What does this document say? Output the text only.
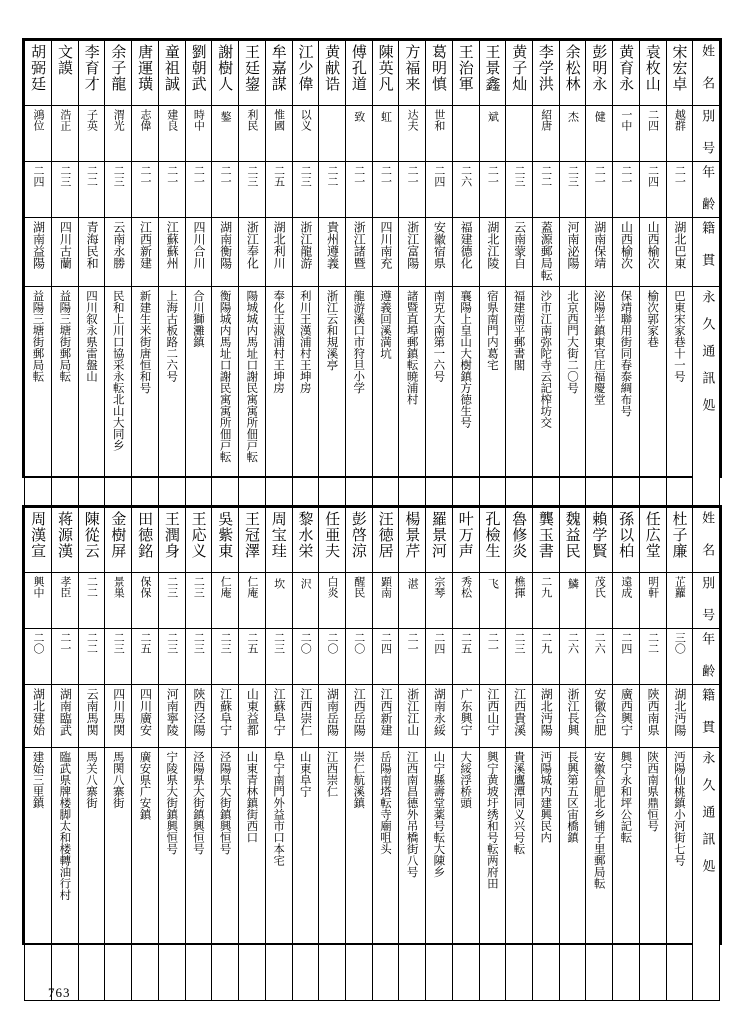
姓 名	宋宏卓	袁枚山	黄育永	彭明永	余松林	李学洪	黄子灿	王景鑫	王治軍	葛明慎	方福来	陳英凡	傅孔道	黄献诰	江少偉	牟嘉謀	王廷鋆	謝樹人	劉朝武	童祖誠	唐運璜	余子龍	李育才	文謨	胡弼廷
別 号	越群	二四	一中	健	杰	紹唐		斌		世和	达夫	虹	致		以义	惟國	利民	鏊	時中	建良	志偉	渭光	子英	浩正	鴻位
年 齢	二一	二四	二一	二一	二三	二二	二三	二一	二六	二四	二一	二一	二一	二二	二三	二五	二三	二一	二一	二一	二一	二三	二二	二三	二四
籍 貫	湖北巴東	山西榆次	山西榆次	湖南保靖	河南泌陽	蓋源郵局転	云南蒙自	湖北江陵	福建德化	安徽宿県	浙江富陽	四川南充	浙江諸暨	貴州遵義	浙江龍游	湖北利川	浙江奉化	湖南衡陽	四川合川	江蘇蘇州	江西新建	云南永勝	青海民和	四川古蘭	湖南益陽
永久通訊処	巴東宋家巷十一号	榆次郭家巷	保靖聯用街同春泰綢布号	泌陽半鎮東官庄福慶堂	北京西門大街二〇号	沙市江南弥陀寺云記榨坊交	福建南平郵書閣	宿県南門内葛宅	襄陽上皇山大樹鎮方徳生号	南克大南第一六号	諸暨直埠郵鎮転暁浦村	遵義回溪満坑	龍游溪口市狩旦小学	浙江云和規溪亭	利川王漢浦村王坤房	奉化王淑浦村王坤房	陽城城内馬址口謝民寓寓所佃戸転	衡陽城内馬址口謝民寓寓所佃戸転	合川獅灘鎮	上海古板路二六号	新建生米街唐恒和号	民和上川口協采永転北山大同乡	四川叙永県雷盤山	益陽三塘街郵局転	益陽三塘街郵局転
姓 名	杜子廉	任広堂	孫以柏	賴学賢	魏益民	龔玉書	魯修炎	孔檢生	叶万声	羅景河	楊景芹	汪徳居	彭啓涼	任亜夫	黎水栄	周宝珪	王冠澤	吳紫東	王応义	王潤身	田徳銘	金樹屏	陳從云	蒋源漢	周漢宣
別 号	芷蘿	明軒	遠成	茂氏	鱗	二九	樵揮	飞	秀松	宗琴	湛	顕南	醒民	白炎	沢	坎	仁庵	仁庵	二三	二三	保保	景巣	二二	孝臣	興中
年 齢	三〇	二二	二四	二六	二六	二九	二三	二一	二五	二四	二一	二四	二〇	二〇	二〇	二三	二五	二三	二三	二三	二五	二三	二二	二一	二〇
籍 貫	湖北沔陽	陝西南県	廣西興宁	安徽合肥	浙江長興	湖北沔陽	江西貴溪	江西山宁	广东興宁	湖南永綏	浙江江山	江西新建	江西岳陽	湖南岳陽	江西崇仁	江蘇阜宁	山東益都	江蘇阜宁	陝西泾陽	河南寧陵	四川廣安	四川馬関	云南馬関	湖南臨武	湖北建始
永久通訊処	沔陽仙桃鎮小河街七号	陝西南県鼎恒号	興宁永和坪公記転	安徽合肥北乡铺子里郵局転	長興第五区宙橋鎮	沔陽城内建興民内	貴溪鷹潭同义兴号転	興宁黄坡圩绣和号転两府田	大綏浮桥頭	山宁縣壽堂薬号転大陳乡	江西南昌德外吊橋街八号	岳陽南塔転寺廟咀头	崇仁航溪鎮	江西崇仁	山東阜宁	阜宁南門外益市口本宅	山東青林鎮街西口	泾陽県大街鎮興恒号	泾陽県大街鎮興恒号	宁陵県大街鎮興恒号	廣安県广安鎮	馬関八寨街	馬关八寨街	臨武県牌楼脚太和楼轉油行村	建始三里鎮
763
